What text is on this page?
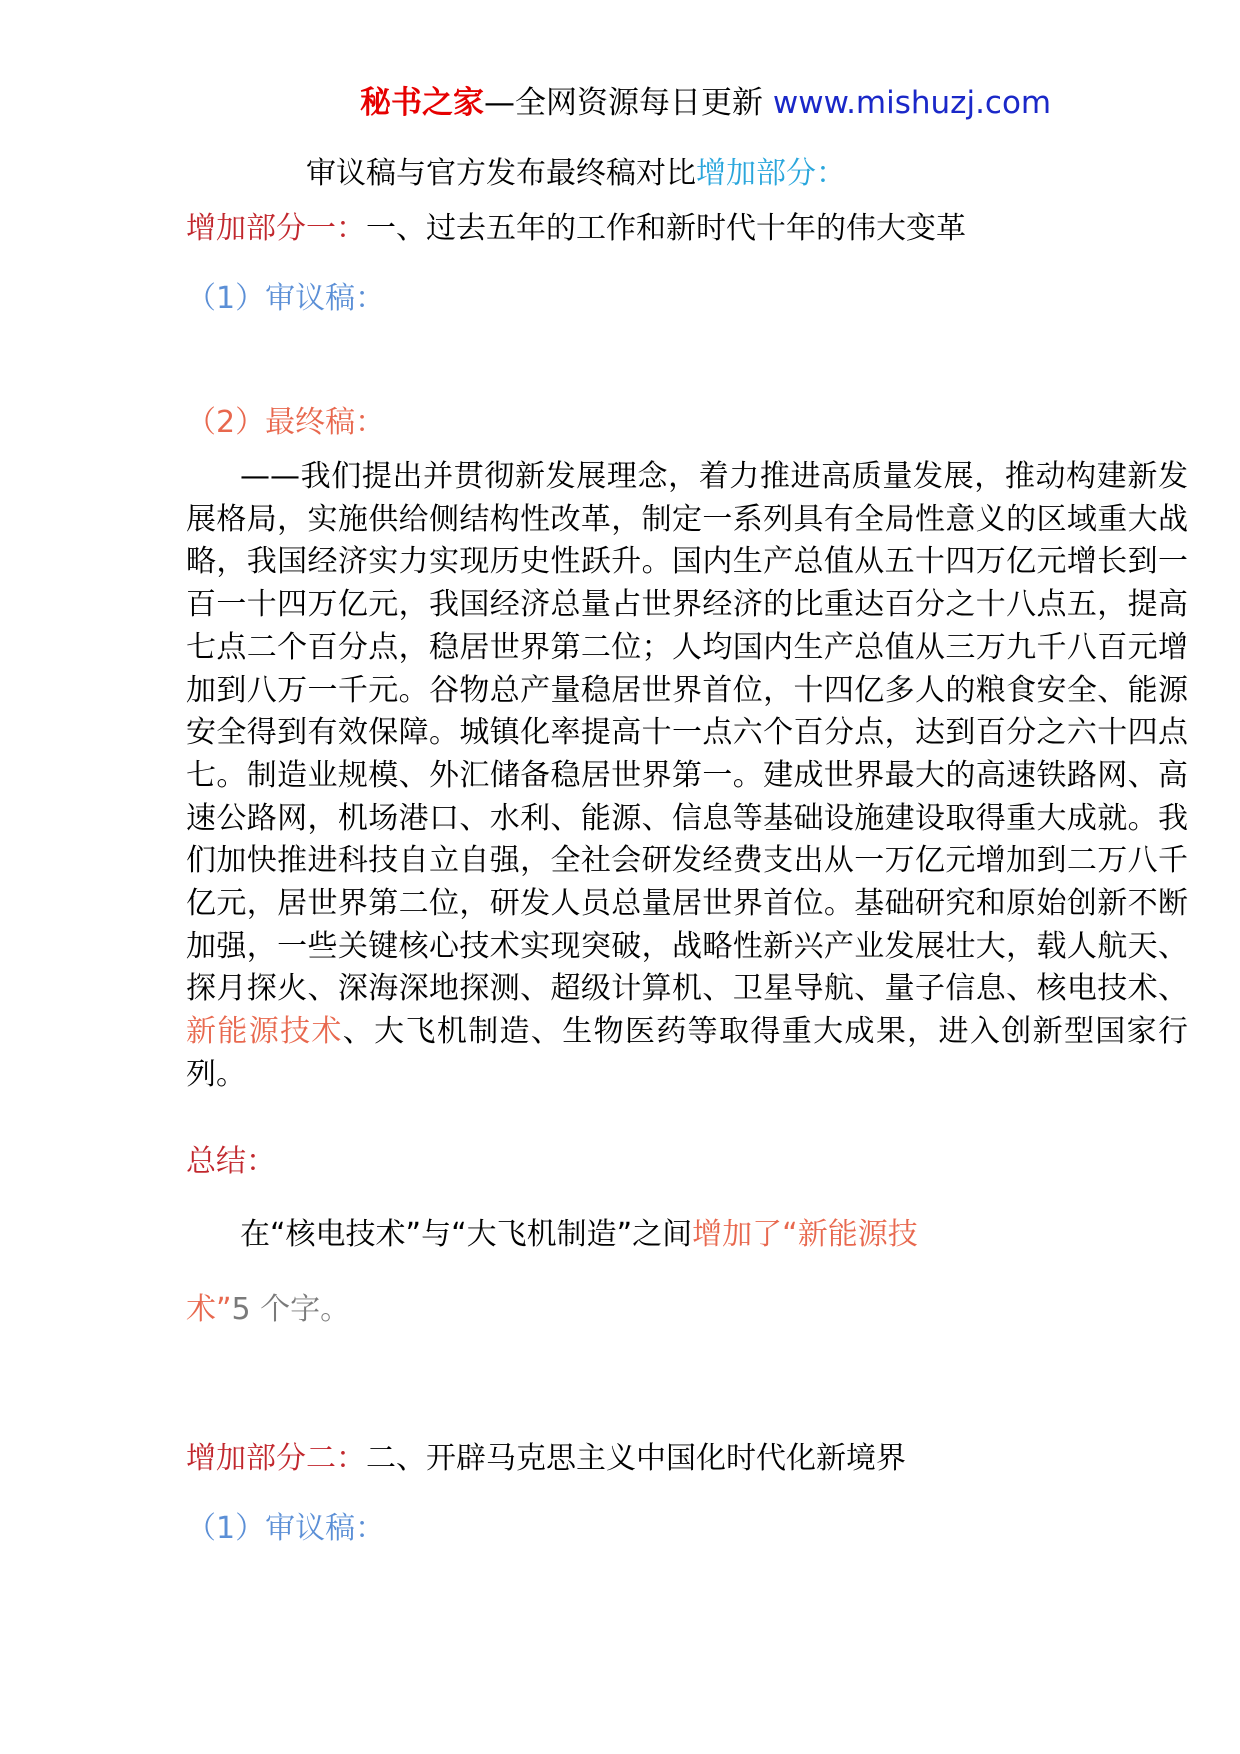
秘书之家—全网资源每日更新 www.mishuzj.com
审议稿与官方发布最终稿对比增加部分：
增加部分一：一、过去五年的工作和新时代十年的伟大变革
（1）审议稿：
（2）最终稿：
——我们提出并贯彻新发展理念，着力推进高质量发展，推动构建新发展格局，实施供给侧结构性改革，制定一系列具有全局性意义的区域重大战略，我国经济实力实现历史性跃升。国内生产总值从五十四万亿元增长到一百一十四万亿元，我国经济总量占世界经济的比重达百分之十八点五，提高七点二个百分点，稳居世界第二位；人均国内生产总值从三万九千八百元增加到八万一千元。谷物总产量稳居世界首位，十四亿多人的粮食安全、能源安全得到有效保障。城镇化率提高十一点六个百分点，达到百分之六十四点七。制造业规模、外汇储备稳居世界第一。建成世界最大的高速铁路网、高速公路网，机场港口、水利、能源、信息等基础设施建设取得重大成就。我们加快推进科技自立自强，全社会研发经费支出从一万亿元增加到二万八千亿元，居世界第二位，研发人员总量居世界首位。基础研究和原始创新不断加强，一些关键核心技术实现突破，战略性新兴产业发展壮大，载人航天、探月探火、深海深地探测、超级计算机、卫星导航、量子信息、核电技术、新能源技术、大飞机制造、生物医药等取得重大成果，进入创新型国家行列。
总结：
在“核电技术”与“大飞机制造”之间增加了“新能源技
术”5 个字。
增加部分二：二、开辟马克思主义中国化时代化新境界
（1）审议稿：
